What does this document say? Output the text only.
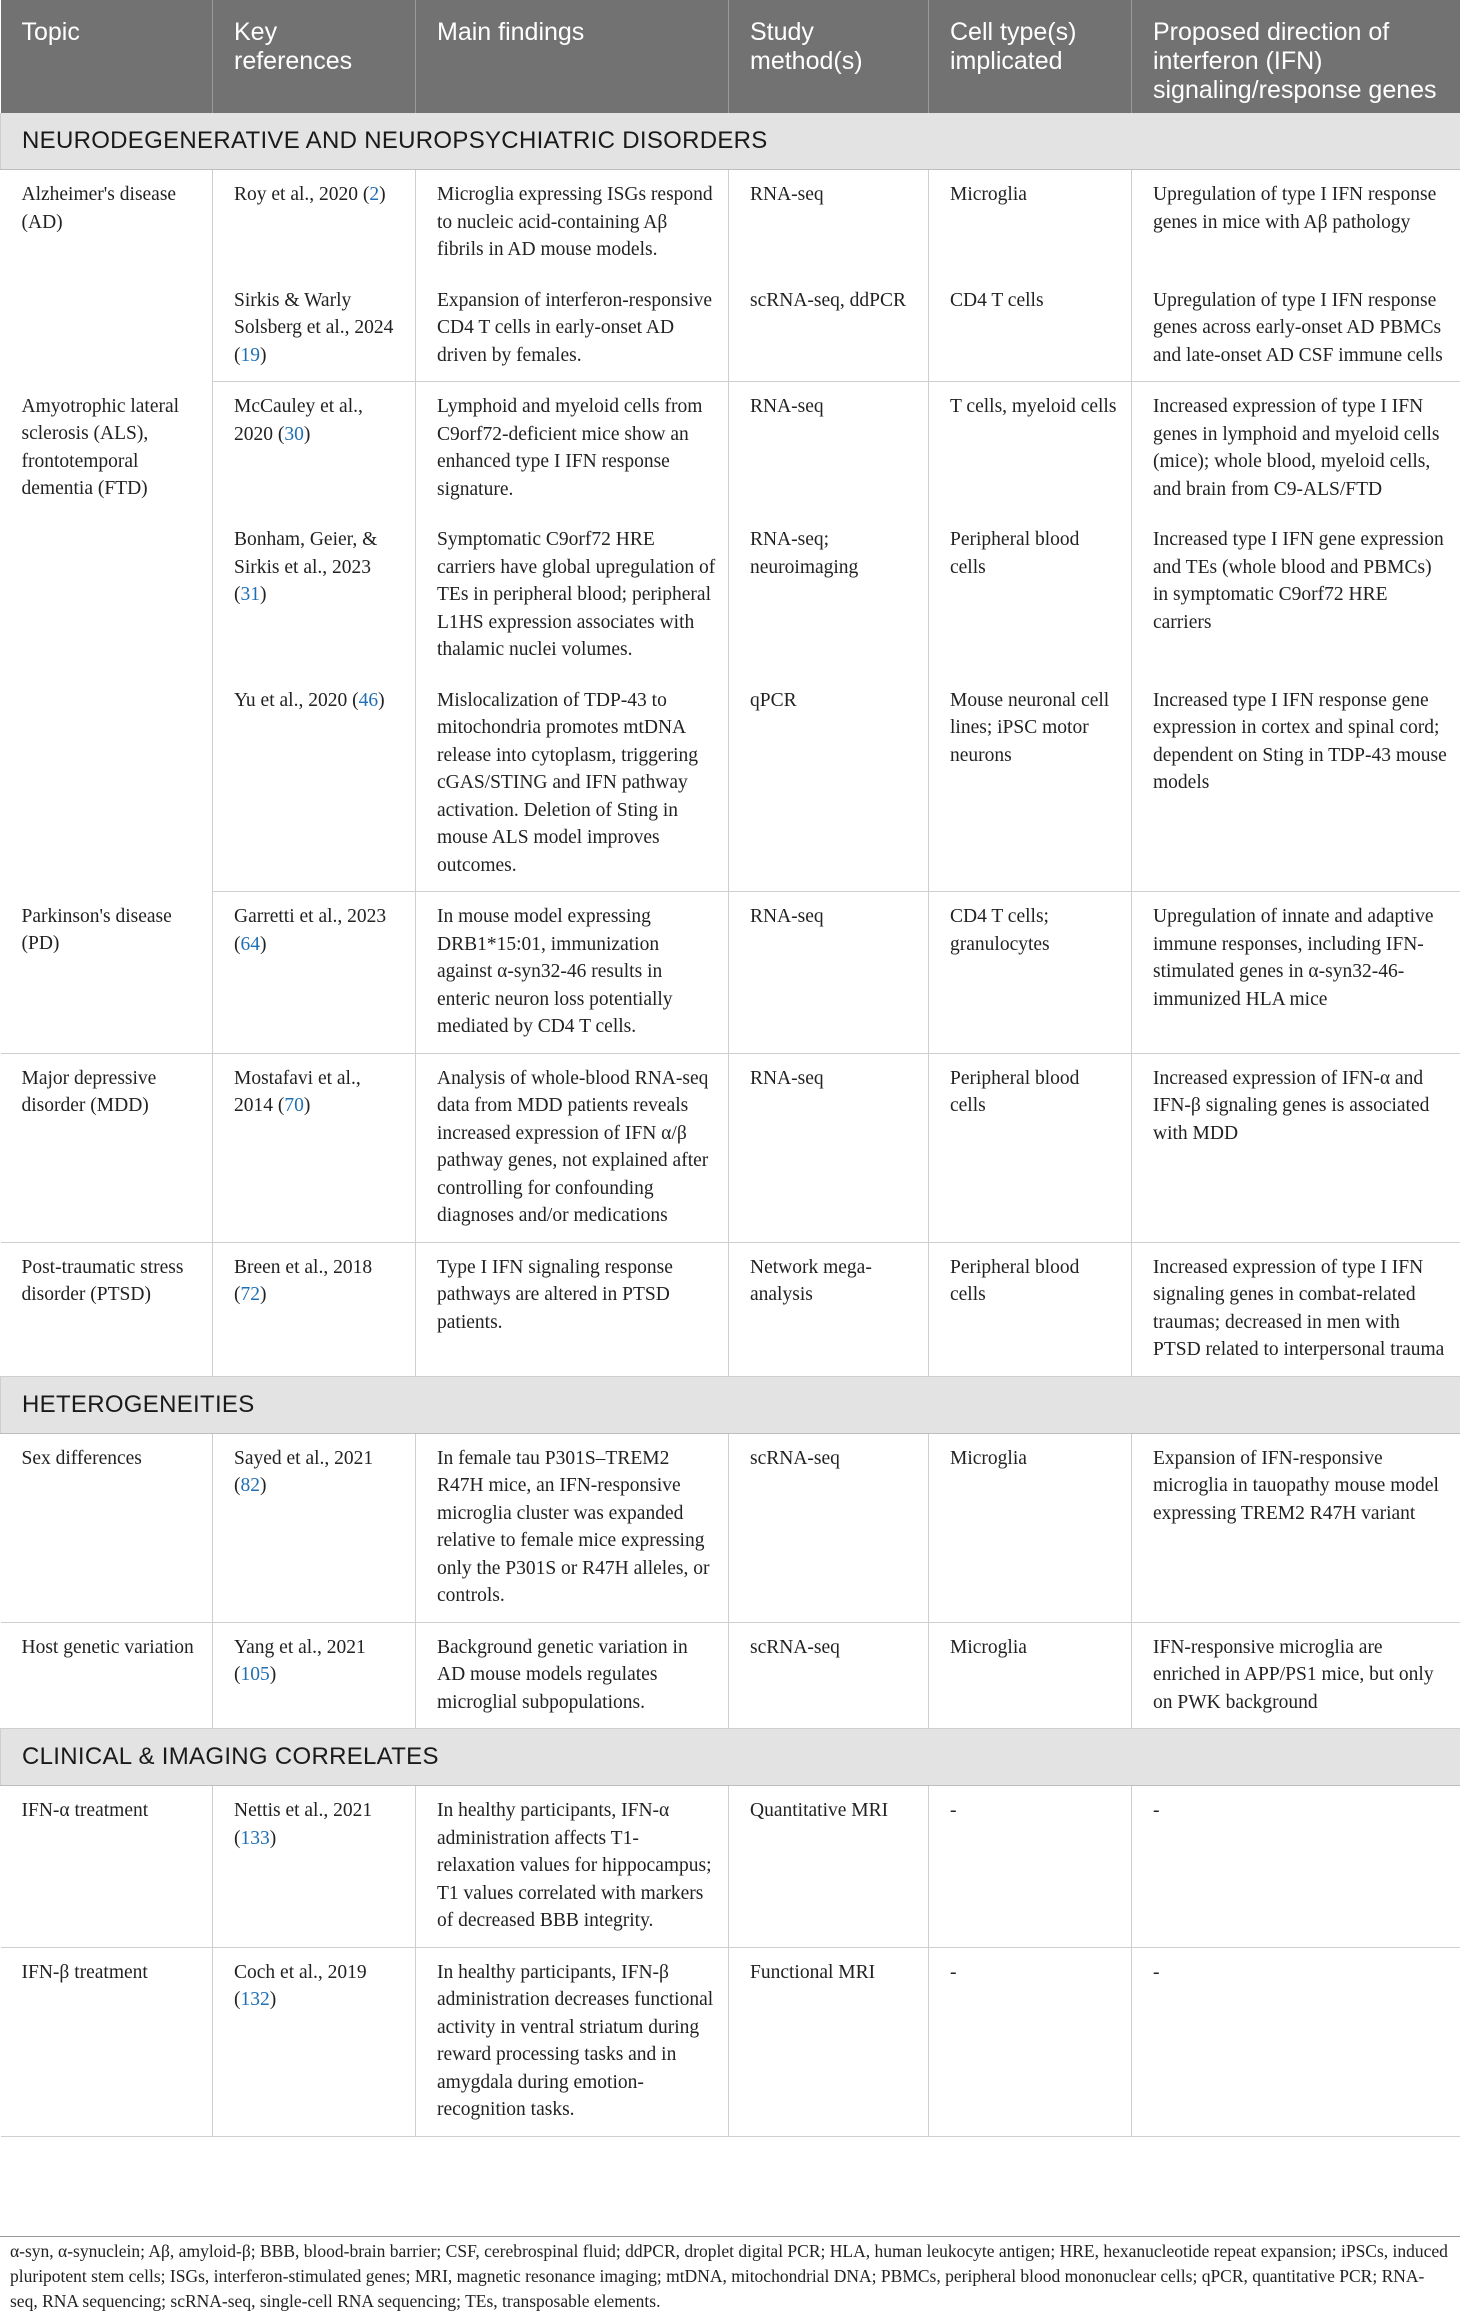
Topic	Key references	Main findings	Study method(s)	Cell type(s) implicated	Proposed direction of interferon (IFN) signaling/response genes
NEURODEGENERATIVE AND NEUROPSYCHIATRIC DISORDERS					
Alzheimer's disease (AD)	Roy et al., 2020 (2)	Microglia expressing ISGs respond to nucleic acid-containing Aβ fibrils in AD mouse models.	RNA-seq	Microglia	Upregulation of type I IFN response genes in mice with Aβ pathology
	Sirkis & Warly Solsberg et al., 2024 (19)	Expansion of interferon-responsive CD4 T cells in early-onset AD driven by females.	scRNA-seq, ddPCR	CD4 T cells	Upregulation of type I IFN response genes across early-onset AD PBMCs and late-onset AD CSF immune cells
Amyotrophic lateral sclerosis (ALS), frontotemporal dementia (FTD)	McCauley et al., 2020 (30)	Lymphoid and myeloid cells from C9orf72-deficient mice show an enhanced type I IFN response signature.	RNA-seq	T cells, myeloid cells	Increased expression of type I IFN genes in lymphoid and myeloid cells (mice); whole blood, myeloid cells, and brain from C9-ALS/FTD
	Bonham, Geier, & Sirkis et al., 2023 (31)	Symptomatic C9orf72 HRE carriers have global upregulation of TEs in peripheral blood; peripheral L1HS expression associates with thalamic nuclei volumes.	RNA-seq; neuroimaging	Peripheral blood cells	Increased type I IFN gene expression and TEs (whole blood and PBMCs) in symptomatic C9orf72 HRE carriers
	Yu et al., 2020 (46)	Mislocalization of TDP-43 to mitochondria promotes mtDNA release into cytoplasm, triggering cGAS/STING and IFN pathway activation. Deletion of Sting in mouse ALS model improves outcomes.	qPCR	Mouse neuronal cell lines; iPSC motor neurons	Increased type I IFN response gene expression in cortex and spinal cord; dependent on Sting in TDP-43 mouse models
Parkinson's disease (PD)	Garretti et al., 2023 (64)	In mouse model expressing DRB1*15:01, immunization against α-syn32-46 results in enteric neuron loss potentially mediated by CD4 T cells.	RNA-seq	CD4 T cells; granulocytes	Upregulation of innate and adaptive immune responses, including IFN-stimulated genes in α-syn32-46-immunized HLA mice
Major depressive disorder (MDD)	Mostafavi et al., 2014 (70)	Analysis of whole-blood RNA-seq data from MDD patients reveals increased expression of IFN α/β pathway genes, not explained after controlling for confounding diagnoses and/or medications	RNA-seq	Peripheral blood cells	Increased expression of IFN-α and IFN-β signaling genes is associated with MDD
Post-traumatic stress disorder (PTSD)	Breen et al., 2018 (72)	Type I IFN signaling response pathways are altered in PTSD patients.	Network mega-analysis	Peripheral blood cells	Increased expression of type I IFN signaling genes in combat-related traumas; decreased in men with PTSD related to interpersonal trauma
HETEROGENEITIES					
Sex differences	Sayed et al., 2021 (82)	In female tau P301S–TREM2 R47H mice, an IFN-responsive microglia cluster was expanded relative to female mice expressing only the P301S or R47H alleles, or controls.	scRNA-seq	Microglia	Expansion of IFN-responsive microglia in tauopathy mouse model expressing TREM2 R47H variant
Host genetic variation	Yang et al., 2021 (105)	Background genetic variation in AD mouse models regulates microglial subpopulations.	scRNA-seq	Microglia	IFN-responsive microglia are enriched in APP/PS1 mice, but only on PWK background
CLINICAL & IMAGING CORRELATES					
IFN-α treatment	Nettis et al., 2021 (133)	In healthy participants, IFN-α administration affects T1-relaxation values for hippocampus; T1 values correlated with markers of decreased BBB integrity.	Quantitative MRI	-	-
IFN-β treatment	Coch et al., 2019 (132)	In healthy participants, IFN-β administration decreases functional activity in ventral striatum during reward processing tasks and in amygdala during emotion-recognition tasks.	Functional MRI	-	-
α-syn, α-synuclein; Aβ, amyloid-β; BBB, blood-brain barrier; CSF, cerebrospinal fluid; ddPCR, droplet digital PCR; HLA, human leukocyte antigen; HRE, hexanucleotide repeat expansion; iPSCs, induced pluripotent stem cells; ISGs, interferon-stimulated genes; MRI, magnetic resonance imaging; mtDNA, mitochondrial DNA; PBMCs, peripheral blood mononuclear cells; qPCR, quantitative PCR; RNA-seq, RNA sequencing; scRNA-seq, single-cell RNA sequencing; TEs, transposable elements.
